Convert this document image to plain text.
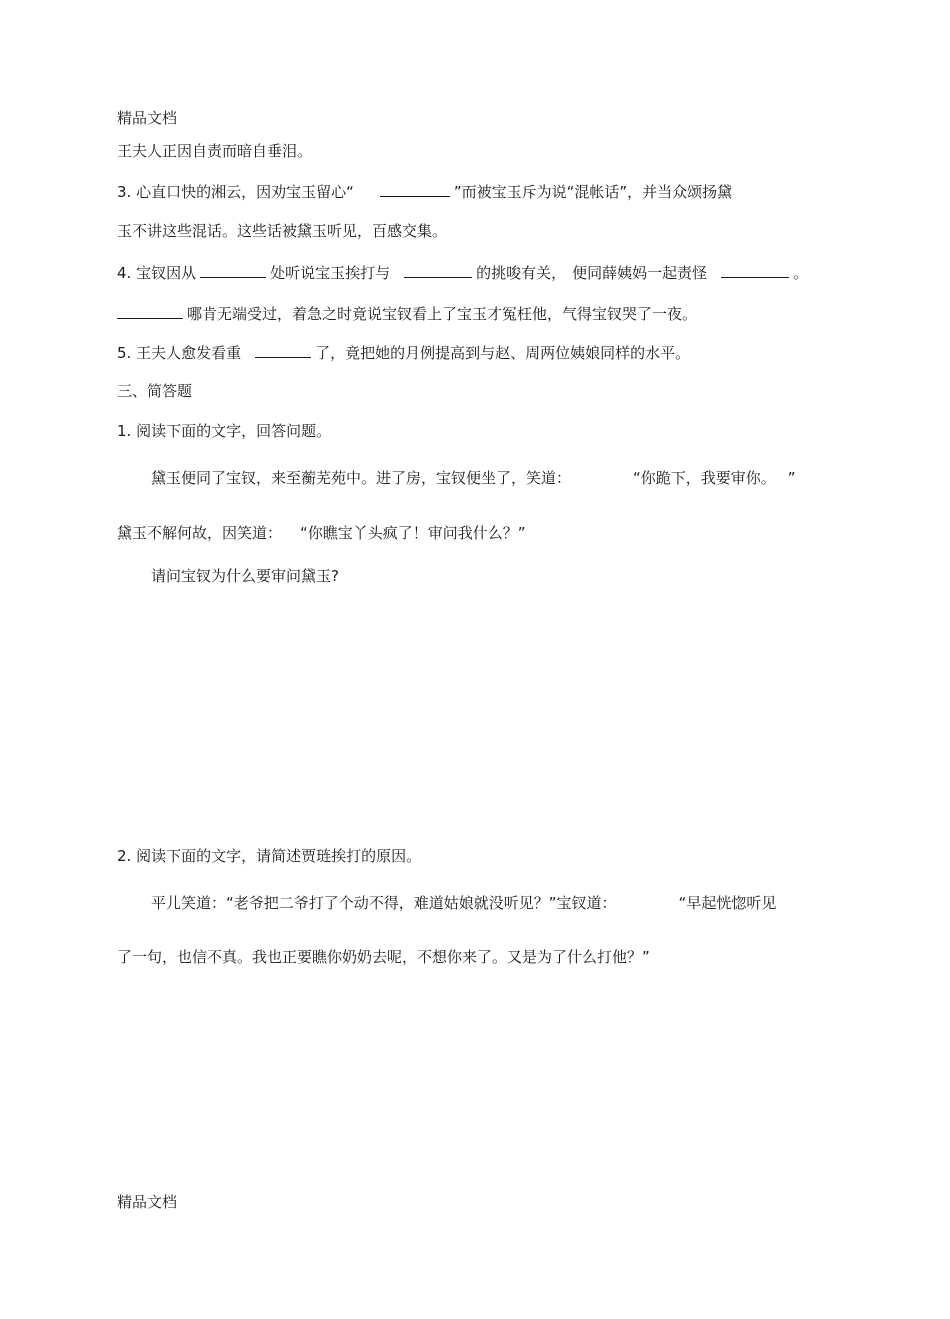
精品文档
王夫人正因自责而暗自垂泪。
3. 心直口快的湘云，因劝宝玉留心“	”而被宝玉斥为说“混帐话”，并当众颂扬黛
玉不讲这些混话。这些话被黛玉听见，百感交集。
4. 宝钗因从	处听说宝玉挨打与	的挑唆有关， 便同薛姨妈一起责怪	。
哪肯无端受过，着急之时竟说宝钗看上了宝玉才冤枉他，气得宝钗哭了一夜。
5. 王夫人愈发看重	了，竟把她的月例提高到与赵、周两位姨娘同样的水平。
三、简答题
1. 阅读下面的文字，回答问题。
黛玉便同了宝钗，来至蘅芜苑中。进了房，宝钗便坐了，笑道：	“你跪下，我要审你。 ”
黛玉不解何故，因笑道： “你瞧宝丫头疯了！审问我什么？”
请问宝钗为什么要审问黛玉?
2. 阅读下面的文字，请简述贾琏挨打的原因。
平儿笑道：“老爷把二爷打了个动不得，难道姑娘就没听见？”宝钗道：	“早起恍惚听见
了一句，也信不真。我也正要瞧你奶奶去呢，不想你来了。又是为了什么打他？”
精品文档
